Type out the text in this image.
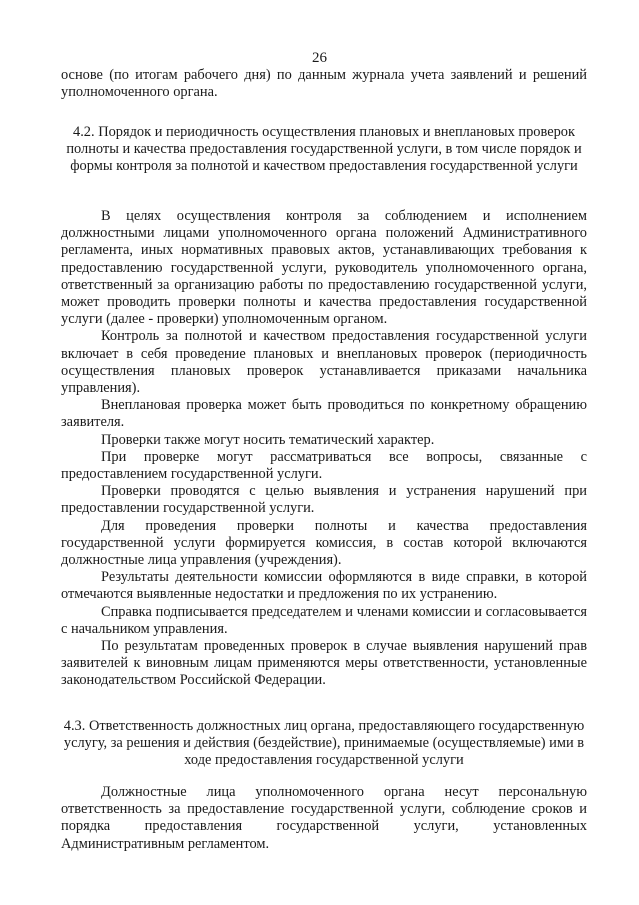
26

основе (по итогам рабочего дня) по данным журнала учета заявлений и решений уполномоченного органа.

4.2. Порядок и периодичность осуществления плановых и внеплановых проверок полноты и качества предоставления государственной услуги, в том числе порядок и формы контроля за полнотой и качеством предоставления государственной услуги

В целях осуществления контроля за соблюдением и исполнением должностными лицами уполномоченного органа положений Административного регламента, иных нормативных правовых актов, устанавливающих требования к предоставлению государственной услуги, руководитель уполномоченного органа, ответственный за организацию работы по предоставлению государственной услуги, может проводить проверки полноты и качества предоставления государственной услуги (далее - проверки) уполномоченным органом.

Контроль за полнотой и качеством предоставления государственной услуги включает в себя проведение плановых и внеплановых проверок (периодичность осуществления плановых проверок устанавливается приказами начальника управления).

Внеплановая проверка может быть проводиться по конкретному обращению заявителя.

Проверки также могут носить тематический характер.

При проверке могут рассматриваться все вопросы, связанные с предоставлением государственной услуги.

Проверки проводятся с целью выявления и устранения нарушений при предоставлении государственной услуги.

Для проведения проверки полноты и качества предоставления государственной услуги формируется комиссия, в состав которой включаются должностные лица управления (учреждения).

Результаты деятельности комиссии оформляются в виде справки, в которой отмечаются выявленные недостатки и предложения по их устранению.

Справка подписывается председателем и членами комиссии и согласовывается с начальником управления.

По результатам проведенных проверок в случае выявления нарушений прав заявителей к виновным лицам применяются меры ответственности, установленные законодательством Российской Федерации.

4.3. Ответственность должностных лиц органа, предоставляющего государственную услугу, за решения и действия (бездействие), принимаемые (осуществляемые) ими в ходе предоставления государственной услуги

Должностные лица уполномоченного органа несут персональную ответственность за предоставление государственной услуги, соблюдение сроков и порядка предоставления государственной услуги, установленных Административным регламентом.
